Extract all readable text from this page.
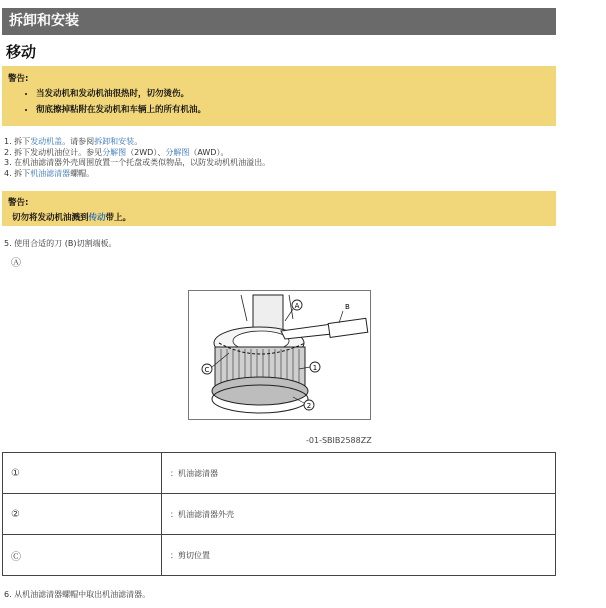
拆卸和安装
移动
警告:
• 当发动机和发动机油很热时，切勿烫伤。
• 彻底擦掉粘附在发动机和车辆上的所有机油。
1. 拆下发动机盖。请参阅拆卸和安装。
2. 拆下发动机油位计。参见分解图（2WD）、分解图（AWD）。
3. 在机油滤清器外壳周围放置一个托盘或类似物品，以防发动机机油溢出。
4. 拆下机油滤清器螺帽。
警告:
切勿将发动机油溅到传动带上。
5. 使用合适的刀 (B)切割端板。
Ⓐ
A	B
C	1
2
-01-SBIB2588ZZ
①	：机油滤清器
②	：机油滤清器外壳
Ⓒ	：剪切位置
6. 从机油滤清器螺帽中取出机油滤清器。
